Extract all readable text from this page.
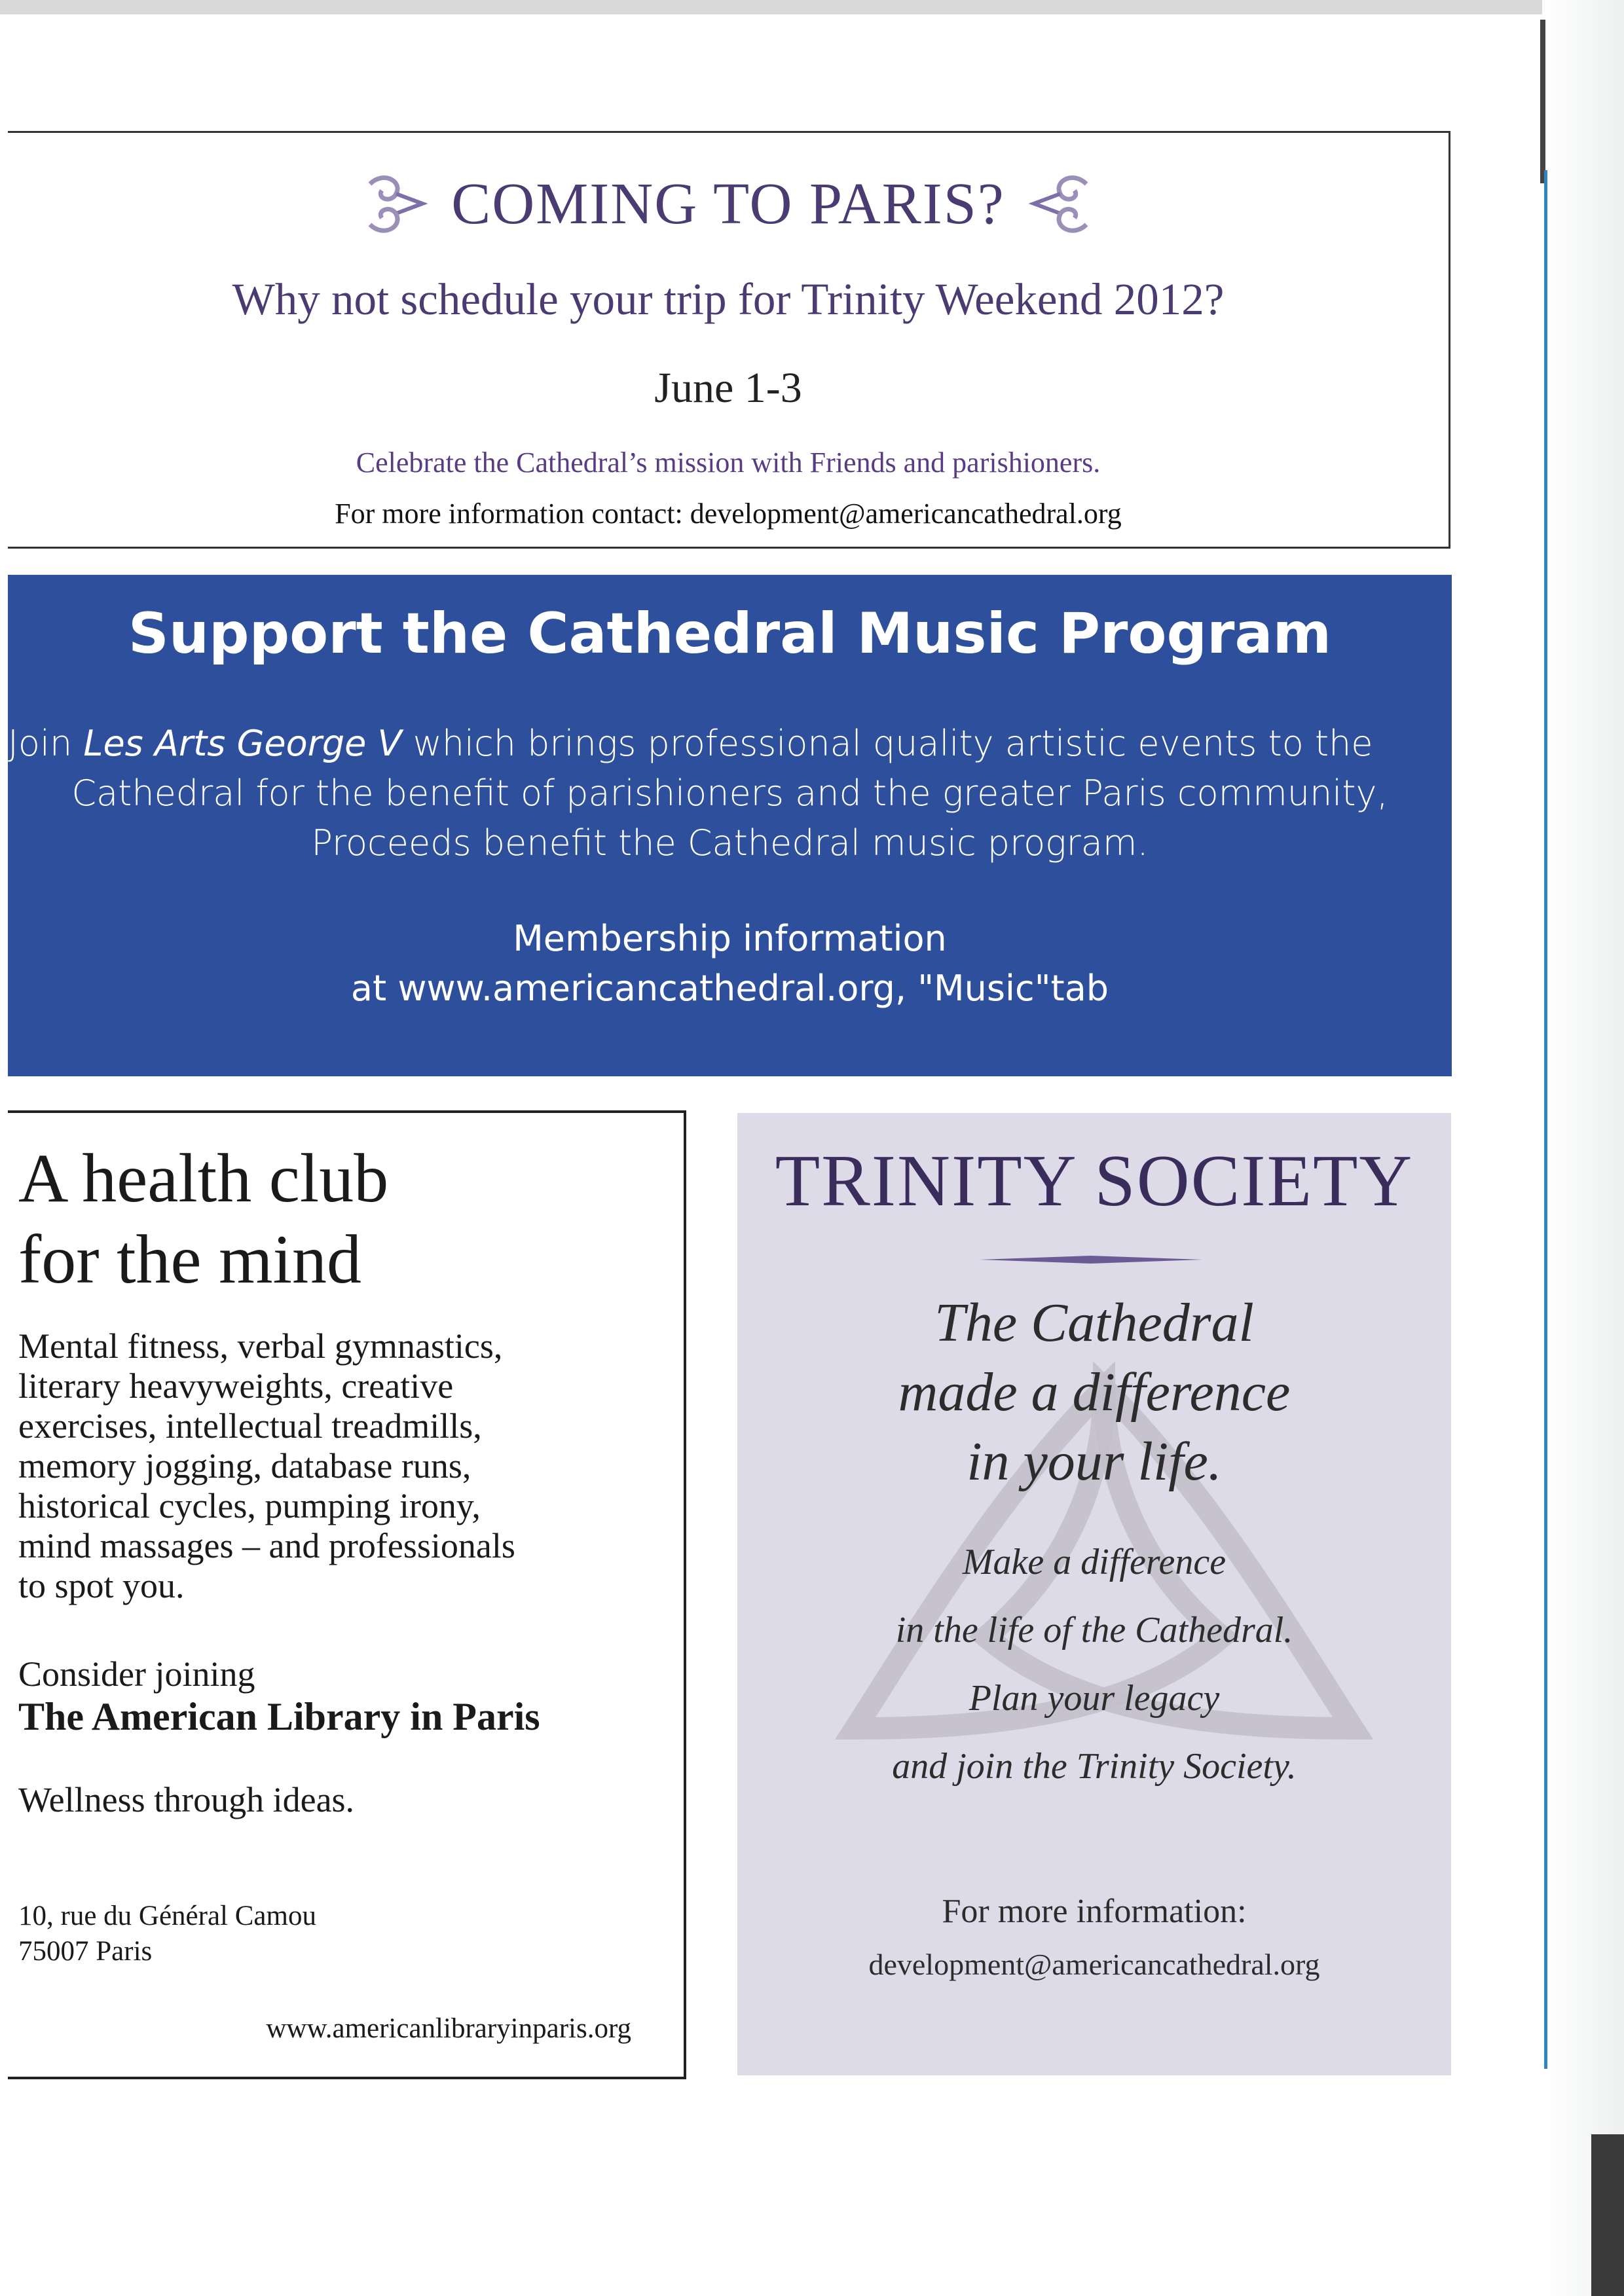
COMING TO PARIS?
Why not schedule your trip for Trinity Weekend 2012?
June 1-3
Celebrate the Cathedral’s mission with Friends and parishioners.
For more information contact: development@americancathedral.org
Support the Cathedral Music Program
Join Les Arts George V which brings professional quality artistic events to the
Cathedral for the benefit of parishioners and the greater Paris community,
Proceeds benefit the Cathedral music program.
Membership information
at www.americancathedral.org, "Music"tab
A health club
for the mind
Mental fitness, verbal gymnastics,
literary heavyweights, creative
exercises, intellectual treadmills,
memory jogging, database runs,
historical cycles, pumping irony,
mind massages – and professionals
to spot you.
Consider joining
The American Library in Paris
Wellness through ideas.
10, rue du Général Camou
75007 Paris
www.americanlibraryinparis.org
TRINITY SOCIETY
The Cathedral
made a difference
in your life.
Make a difference
in the life of the Cathedral.
Plan your legacy
and join the Trinity Society.
For more information:
development@americancathedral.org
